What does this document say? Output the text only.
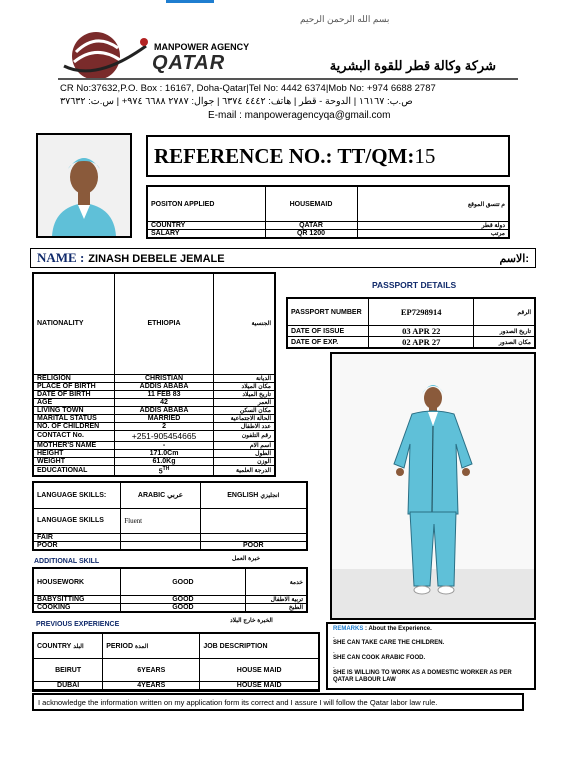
بسم الله الرحمن الرحيم
MANPOWER AGENCY
QATAR	شركة وكالة قطر للقوة البشرية
CR No:37632,P.O. Box : 16167, Doha-Qatar|Tel No: 4442 6374|Mob No: +974 6688 2787
ص.ب: ١٦١٦٧ | الدوحة - قطر | هاتف: ٤٤٤٢ ٦٣٧٤ | جوال: ٢٧٨٧ ٦٦٨٨ ٩٧٤+ | س.ت: ٣٧٦٣٢
E-mail : manpoweragencyqa@gmail.com
REFERENCE NO.: TT/QM: 15
POSITON APPLIED	HOUSEMAID	م تتسق الموقع
COUNTRY	QATAR	دولة قطر
SALARY	QR 1200	مرتب
NAME : ZINASH DEBELE JEMALE	الاسم:
NATIONALITY	ETHIOPIA	الجنسية
RELIGION	CHRISTIAN	الديانة
PLACE OF BIRTH	ADDIS ABABA	مكان الميلاد
DATE OF BIRTH	11 FEB 83	تاريخ الميلاد
AGE	42	العمر
LIVING TOWN	ADDIS ABABA	مكان السكن
MARITAL STATUS	MARRIED	الحالة الاجتماعية
NO. OF CHILDREN	2	عدد الاطفال
CONTACT No.	+251-905454665	رقم التلفون
MOTHER'S NAME	-	اسم الام
HEIGHT	171.0Cm	الطول
WEIGHT	61.0Kg	الوزن
EDUCATIONAL	5TH	الدرجة العلمية
PASSPORT DETAILS
PASSPORT NUMBER	EP7298914	الرقم
DATE OF ISSUE	03 APR 22	تاريخ الصدور
DATE OF EXP.	02 APR 27	مكان الصدور
LANGUAGE SKILLS:	ARABIC عربي	ENGLISH انجليزي
LANGUAGE SKILLS	Fluent	
FAIR		
POOR		POOR
ADDITIONAL SKILL	خبرة العمل
HOUSEWORK	GOOD	خدمة
BABYSITTING	GOOD	تربية الاطفال
COOKING	GOOD	الطبخ
PREVIOUS EXPERIENCE	الخبرة خارج البلاد
COUNTRY البلد	PERIOD المدة	JOB DESCRIPTION
BEIRUT	6YEARS	HOUSE MAID
DUBAI	4YEARS	HOUSE MAID

REMARKS : About the Experience.
-
SHE CAN TAKE CARE THE CHILDREN.
-
SHE CAN COOK ARABIC FOOD.
-
SHE IS WILLING TO WORK AS A DOMESTIC WORKER AS PER QATAR LABOUR LAW
I acknowledge the information written on my application form its correct and I assure I will follow the Qatar labor law rule.
